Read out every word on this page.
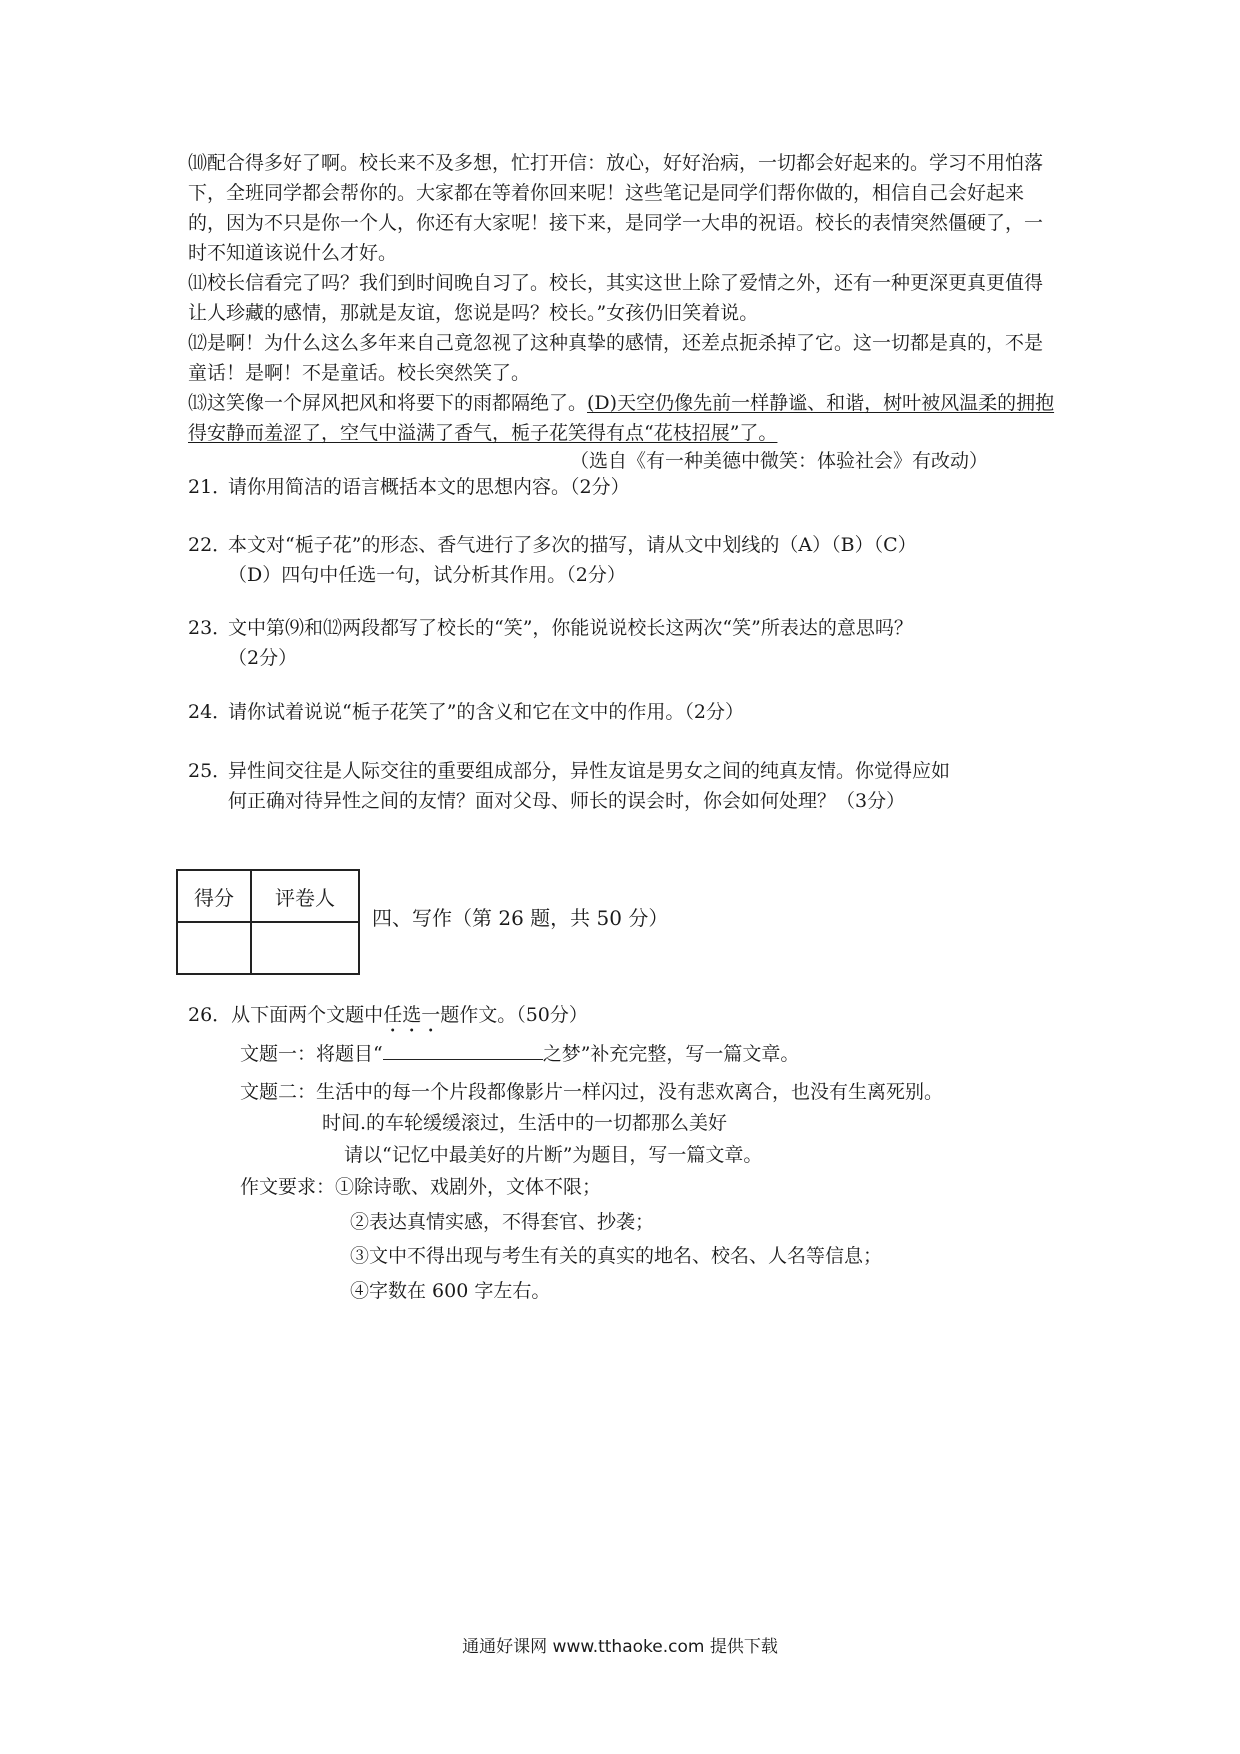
⑽配合得多好了啊。校长来不及多想，忙打开信：放心，好好治病，一切都会好起来的。学习不用怕落下，全班同学都会帮你的。大家都在等着你回来呢！这些笔记是同学们帮你做的，相信自己会好起来的，因为不只是你一个人，你还有大家呢！接下来，是同学一大串的祝语。校长的表情突然僵硬了，一时不知道该说什么才好。

⑾校长信看完了吗？我们到时间晚自习了。校长，其实这世上除了爱情之外，还有一种更深更真更值得让人珍藏的感情，那就是友谊，您说是吗？校长。”女孩仍旧笑着说。

⑿是啊！为什么这么多年来自己竟忽视了这种真挚的感情，还差点扼杀掉了它。这一切都是真的，不是童话！是啊！不是童话。校长突然笑了。

⒀这笑像一个屏风把风和将要下的雨都隔绝了。(D)天空仍像先前一样静谧、和谐，树叶被风温柔的拥抱得安静而羞涩了，空气中溢满了香气，栀子花笑得有点“花枝招展”了。

（选自《有一种美德中微笑：体验社会》有改动）
21．请你用简洁的语言概括本文的思想内容。（2分）
22．本文对“栀子花”的形态、香气进行了多次的描写，请从文中划线的（A）（B）（C）
（D）四句中任选一句，试分析其作用。（2分）
23．文中第⑼和⑿两段都写了校长的“笑”，你能说说校长这两次“笑”所表达的意思吗？
（2分）
24．请你试着说说“栀子花笑了”的含义和它在文中的作用。（2分）
25．异性间交往是人际交往的重要组成部分，异性友谊是男女之间的纯真友情。你觉得应如
何正确对待异性之间的友情？面对父母、师长的误会时，你会如何处理？（3分）
得分	评卷人

四、写作（第 26 题，共 50 分）
26．从下面两个文题中任选一题作文。（50分）
文题一：将题目“	之梦”补充完整，写一篇文章。
文题二：生活中的每一个片段都像影片一样闪过，没有悲欢离合，也没有生离死别。
时间.的车轮缓缓滚过，生活中的一切都那么美好
请以“记忆中最美好的片断”为题目，写一篇文章。
作文要求：①除诗歌、戏剧外，文体不限；
②表达真情实感，不得套官、抄袭；
③文中不得出现与考生有关的真实的地名、校名、人名等信息；
④字数在 600 字左右。
通通好课网 www.tthaoke.com 提供下载
